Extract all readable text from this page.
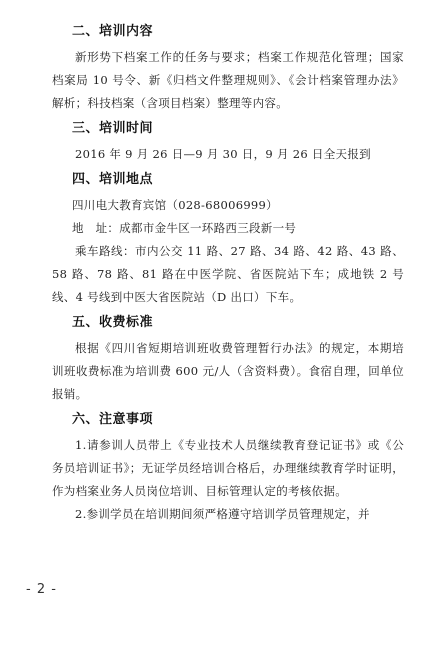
二、培训内容
新形势下档案工作的任务与要求；档案工作规范化管理；国家档案局 10 号令、新《归档文件整理规则》、《会计档案管理办法》解析；科技档案（含项目档案）整理等内容。
三、培训时间
2016 年 9 月 26 日—9 月 30 日，9 月 26 日全天报到
四、培训地点
四川电大教育宾馆（028-68006999）
地　址：成都市金牛区一环路西三段新一号
乘车路线：市内公交 11 路、27 路、34 路、42 路、43 路、58 路、78 路、81 路在中医学院、省医院站下车；成地铁 2 号线、4 号线到中医大省医院站（D 出口）下车。
五、收费标准
根据《四川省短期培训班收费管理暂行办法》的规定，本期培训班收费标准为培训费 600 元/人（含资料费）。食宿自理，回单位报销。
六、注意事项
1.请参训人员带上《专业技术人员继续教育登记证书》或《公务员培训证书》；无证学员经培训合格后，办理继续教育学时证明，作为档案业务人员岗位培训、目标管理认定的考核依据。
2.参训学员在培训期间须严格遵守培训学员管理规定，并
- 2 -
